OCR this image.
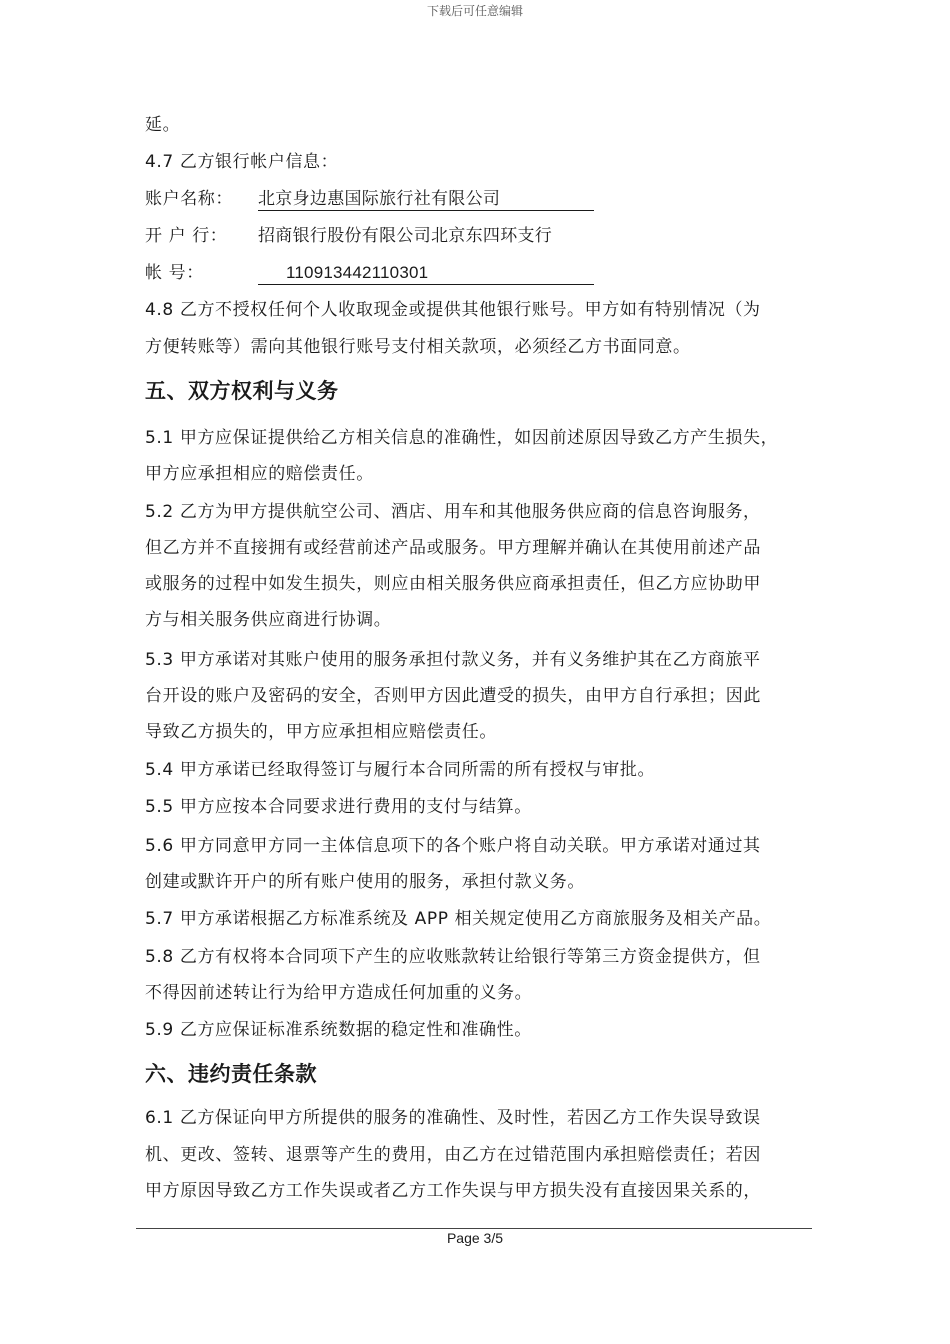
下载后可任意编辑
延。
4.7 乙方银行帐户信息：
账户名称： 北京身边惠国际旅行社有限公司
开 户 行： 招商银行股份有限公司北京东四环支行
帐 号：	110913442110301
4.8 乙方不授权任何个人收取现金或提供其他银行账号。甲方如有特别情况（为
方便转账等）需向其他银行账号支付相关款项，必须经乙方书面同意。
五、双方权利与义务
5.1 甲方应保证提供给乙方相关信息的准确性，如因前述原因导致乙方产生损失，
甲方应承担相应的赔偿责任。
5.2 乙方为甲方提供航空公司、酒店、用车和其他服务供应商的信息咨询服务，
但乙方并不直接拥有或经营前述产品或服务。甲方理解并确认在其使用前述产品
或服务的过程中如发生损失，则应由相关服务供应商承担责任，但乙方应协助甲
方与相关服务供应商进行协调。
5.3 甲方承诺对其账户使用的服务承担付款义务，并有义务维护其在乙方商旅平
台开设的账户及密码的安全，否则甲方因此遭受的损失，由甲方自行承担；因此
导致乙方损失的，甲方应承担相应赔偿责任。
5.4 甲方承诺已经取得签订与履行本合同所需的所有授权与审批。
5.5 甲方应按本合同要求进行费用的支付与结算。
5.6 甲方同意甲方同一主体信息项下的各个账户将自动关联。甲方承诺对通过其
创建或默许开户的所有账户使用的服务，承担付款义务。
5.7 甲方承诺根据乙方标准系统及 APP 相关规定使用乙方商旅服务及相关产品。
5.8 乙方有权将本合同项下产生的应收账款转让给银行等第三方资金提供方，但
不得因前述转让行为给甲方造成任何加重的义务。
5.9 乙方应保证标准系统数据的稳定性和准确性。
六、违约责任条款
6.1 乙方保证向甲方所提供的服务的准确性、及时性，若因乙方工作失误导致误
机、更改、签转、退票等产生的费用，由乙方在过错范围内承担赔偿责任；若因
甲方原因导致乙方工作失误或者乙方工作失误与甲方损失没有直接因果关系的，
Page 3/5
